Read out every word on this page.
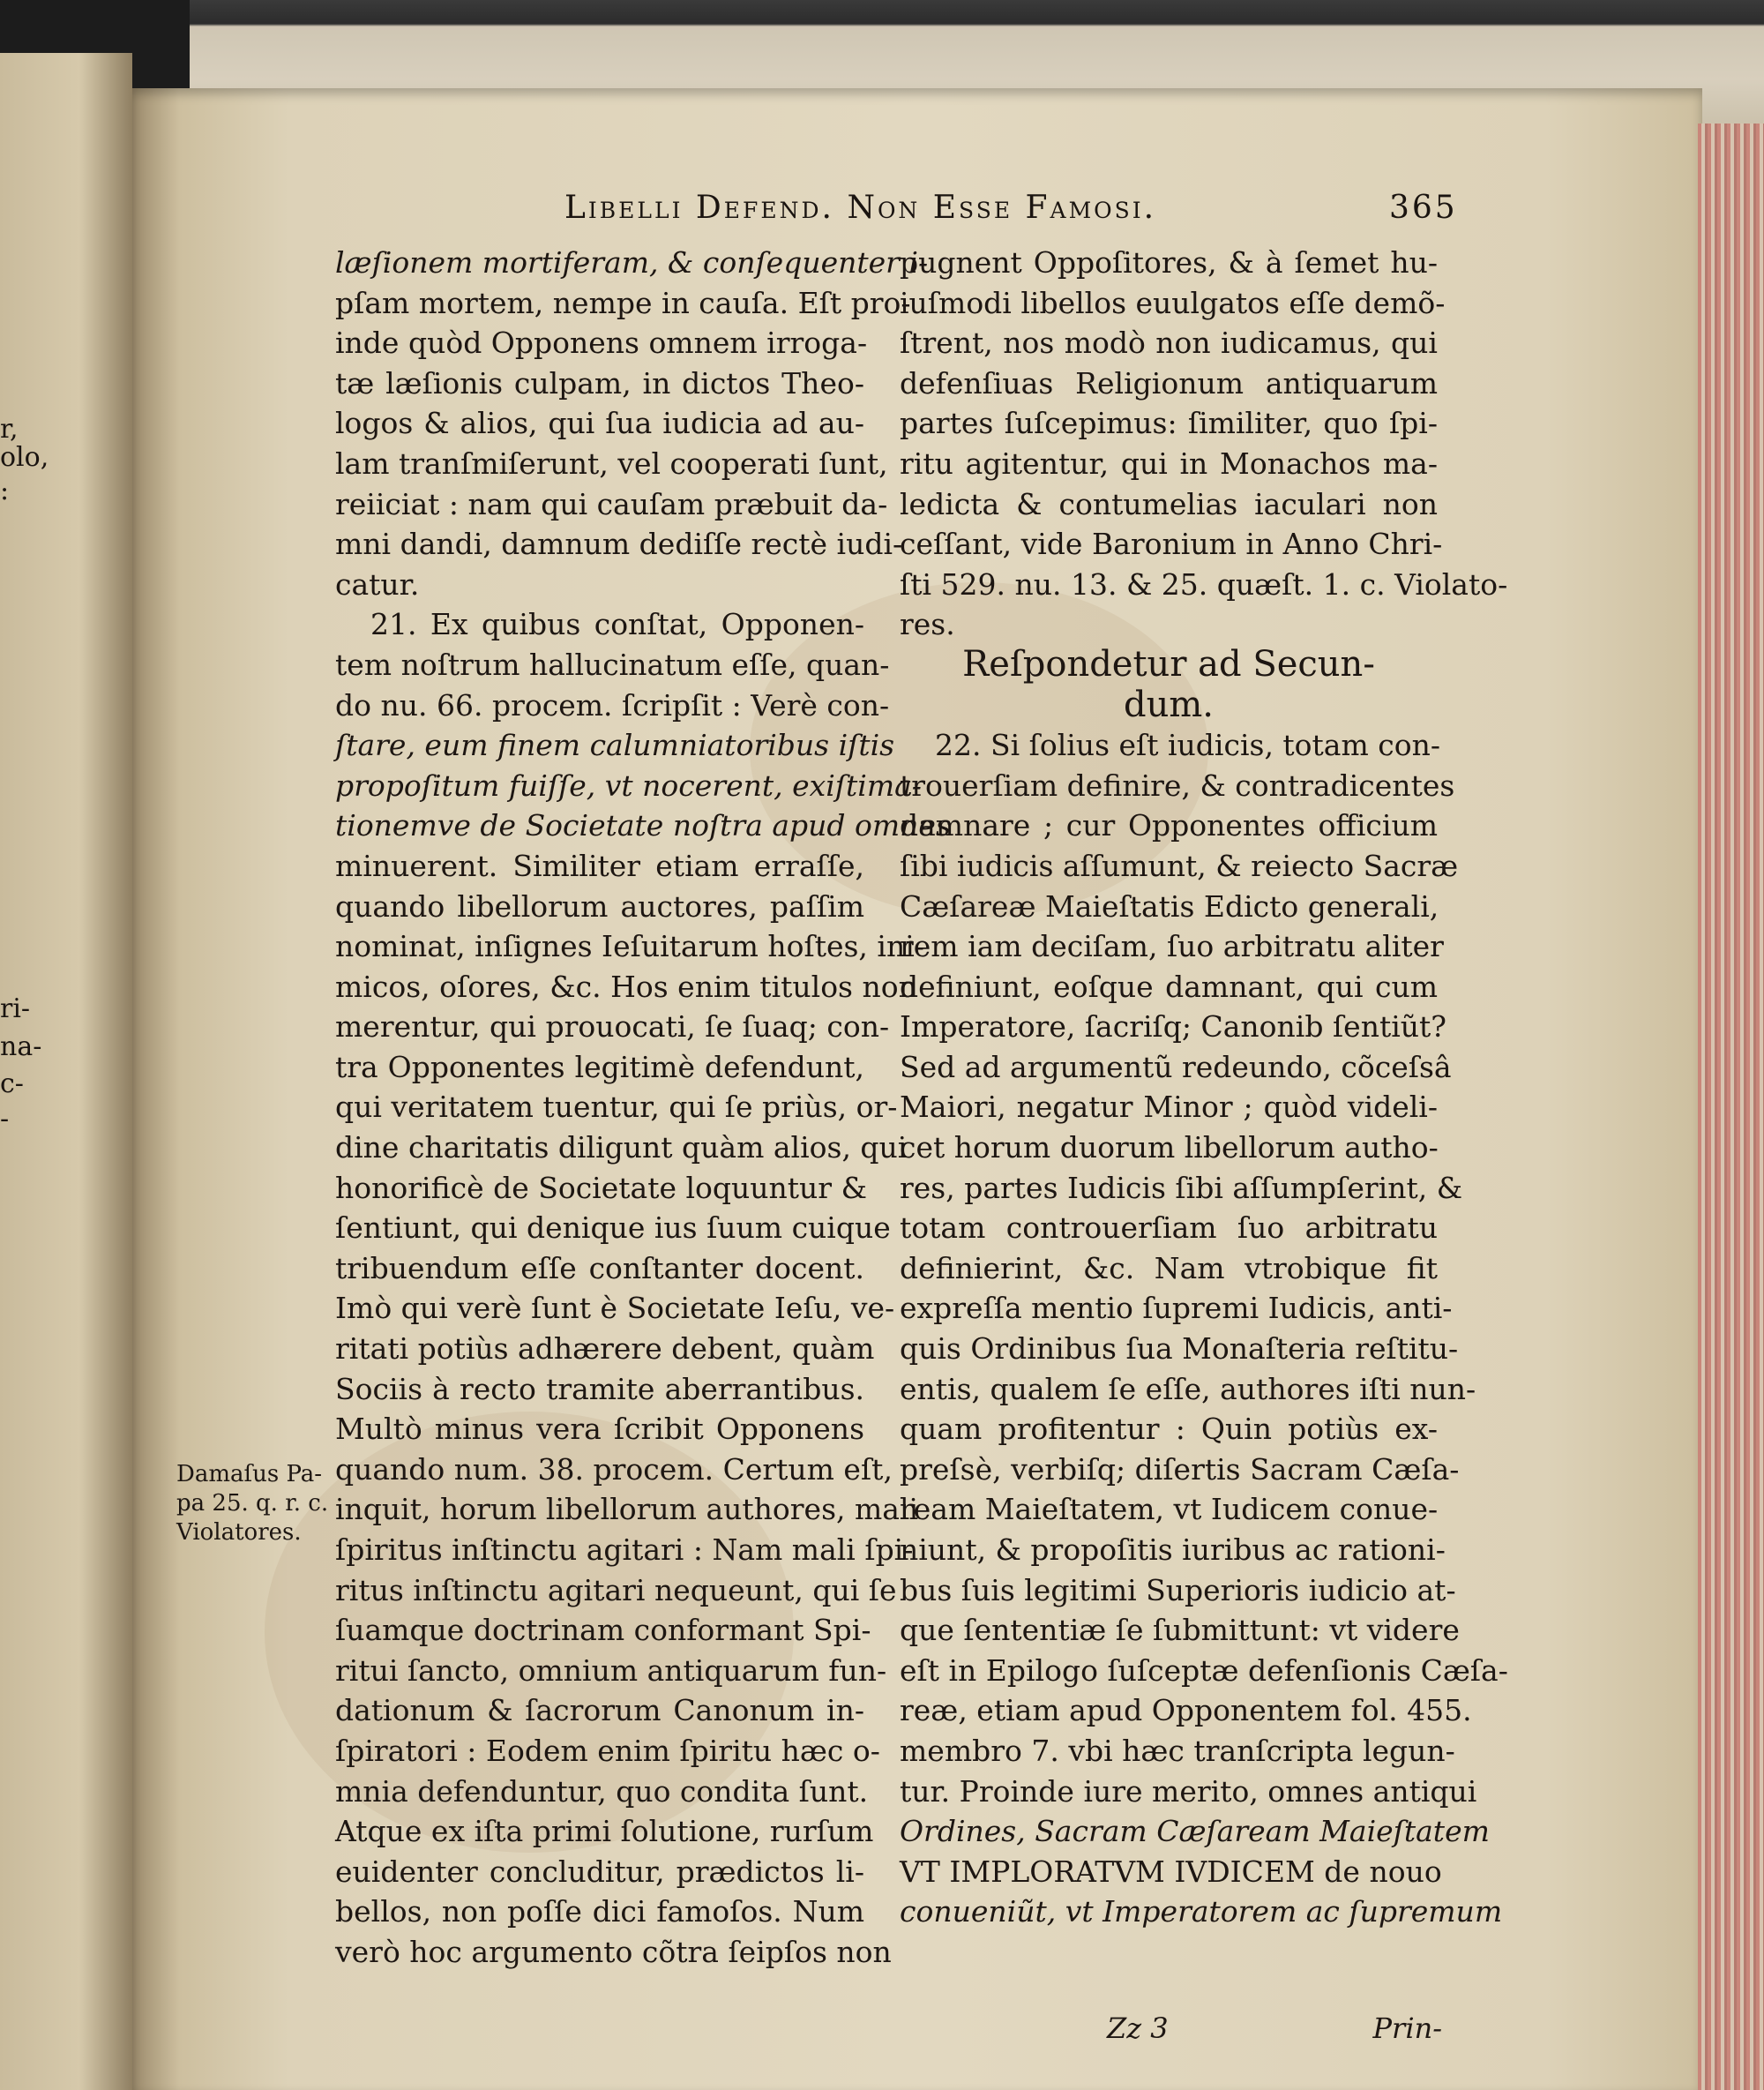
r,
olo,
:
ri-
na-
c-
-
Libelli Defend. Non Esse Famosi.	365
læſionem mortiferam, & conſequenter i-
pſam mortem, nempe in cauſa. Eſt pro-
inde quòd Opponens omnem irroga-
tæ læſionis culpam, in dictos Theo-
logos & alios, qui ſua iudicia ad au-
lam tranſmiſerunt, vel cooperati ſunt,
reiiciat : nam qui cauſam præbuit da-
mni dandi, damnum dediſſe rectè iudi-
catur.
21. Ex quibus conſtat, Opponen-
tem noſtrum hallucinatum eſſe, quan-
do nu. 66. procem. ſcripſit : Verè con-
ſtare, eum finem calumniatoribus iſtis
propoſitum fuiſſe, vt nocerent, exiſtima-
tionemve de Societate noſtra apud omnes
minuerent. Similiter etiam erraſſe,
quando libellorum auctores, paſſim
nominat, inſignes Ieſuitarum hoſtes, ini-
micos, oſores, &c. Hos enim titulos non
merentur, qui prouocati, ſe ſuaq; con-
tra Opponentes legitimè defendunt,
qui veritatem tuentur, qui ſe priùs, or-
dine charitatis diligunt quàm alios, qui
honorificè de Societate loquuntur &
ſentiunt, qui denique ius ſuum cuique
tribuendum eſſe conſtanter docent.
Imò qui verè ſunt è Societate Ieſu, ve-
ritati potiùs adhærere debent, quàm
Sociis à recto tramite aberrantibus.
Multò minus vera ſcribit Opponens
quando num. 38. procem. Certum eſt,
inquit, horum libellorum authores, mali
ſpiritus inſtinctu agitari : Nam mali ſpi-
ritus inſtinctu agitari nequeunt, qui ſe
ſuamque doctrinam conformant Spi-
ritui ſancto, omnium antiquarum fun-
dationum & ſacrorum Canonum in-
ſpiratori : Eodem enim ſpiritu hæc o-
mnia defenduntur, quo condita ſunt.
Atque ex iſta primi ſolutione, rurſum
euidenter concluditur, prædictos li-
bellos, non poſſe dici famoſos. Num
verò hoc argumento cõtra ſeipſos non
pugnent Oppoſitores, & à ſemet hu-
iuſmodi libellos euulgatos eſſe demõ-
ſtrent, nos modò non iudicamus, qui
defenſiuas Religionum antiquarum
partes ſuſcepimus: ſimiliter, quo ſpi-
ritu agitentur, qui in Monachos ma-
ledicta & contumelias iaculari non
ceſſant, vide Baronium in Anno Chri-
ſti 529. nu. 13. & 25. quæſt. 1. c. Violato-
res.
Reſpondetur ad Secun-
dum.
22. Si ſolius eſt iudicis, totam con-
trouerſiam definire, & contradicentes
damnare ; cur Opponentes officium
ſibi iudicis aſſumunt, & reiecto Sacræ
Cæſareæ Maieſtatis Edicto generali,
rem iam deciſam, ſuo arbitratu aliter
definiunt, eoſque damnant, qui cum
Imperatore, ſacriſq; Canonib ſentiũt?
Sed ad argumentũ redeundo, cõceſsâ
Maiori, negatur Minor ; quòd videli-
cet horum duorum libellorum autho-
res, partes Iudicis ſibi aſſumpſerint, &
totam controuerſiam ſuo arbitratu
definierint, &c. Nam vtrobique fit
expreſſa mentio ſupremi Iudicis, anti-
quis Ordinibus ſua Monaſteria reſtitu-
entis, qualem ſe eſſe, authores iſti nun-
quam profitentur : Quin potiùs ex-
preſsè, verbiſq; diſertis Sacram Cæſa-
ream Maieſtatem, vt Iudicem conue-
niunt, & propoſitis iuribus ac rationi-
bus ſuis legitimi Superioris iudicio at-
que ſententiæ ſe ſubmittunt: vt videre
eſt in Epilogo ſuſceptæ defenſionis Cæſa-
reæ, etiam apud Opponentem fol. 455.
membro 7. vbi hæc tranſcripta legun-
tur. Proinde iure merito, omnes antiqui
Ordines, Sacram Cæſaream Maieſtatem
VT IMPLORATVM IVDICEM de nouo
conueniũt, vt Imperatorem ac ſupremum
Damaſus Pa-
pa 25. q. r. c.
Violatores.
Zz 3	Prin-
